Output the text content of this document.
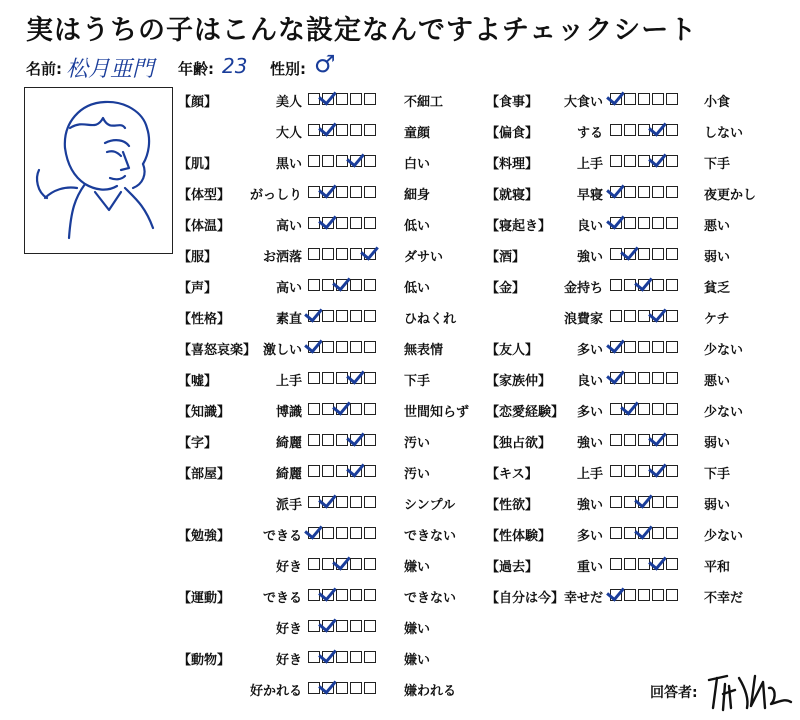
実はうちの子はこんな設定なんですよチェックシート
名前: 松月亜門 年齢: 23 性別: ♂
【顔】	美人	不細工
大人	童顔
【肌】	黒い	白い
【体型】 がっしり	細身
【体温】	高い	低い
【服】	お洒落	ダサい
【声】	高い	低い
【性格】	素直	ひねくれ
【喜怒哀楽】 激しい	無表情
【嘘】	上手	下手
【知識】	博識	世間知らず
【字】	綺麗	汚い
【部屋】	綺麗	汚い
派手	シンプル
【勉強】	できる	できない
好き	嫌い
【運動】	できる	できない
好き	嫌い
【動物】	好き	嫌い
好かれる	嫌われる
【食事】 大食い	小食
【偏食】	する	しない
【料理】	上手	下手
【就寝】	早寝	夜更かし
【寝起き】 良い	悪い
【酒】	強い	弱い
【金】	金持ち	貧乏
浪費家	ケチ
【友人】	多い	少ない
【家族仲】 良い	悪い
【恋愛経験】 多い	少ない
【独占欲】 強い	弱い
【キス】	上手	下手
【性欲】	強い	弱い
【性体験】 多い	少ない
【過去】	重い	平和
【自分は今】 幸せだ	不幸だ
回答者:
